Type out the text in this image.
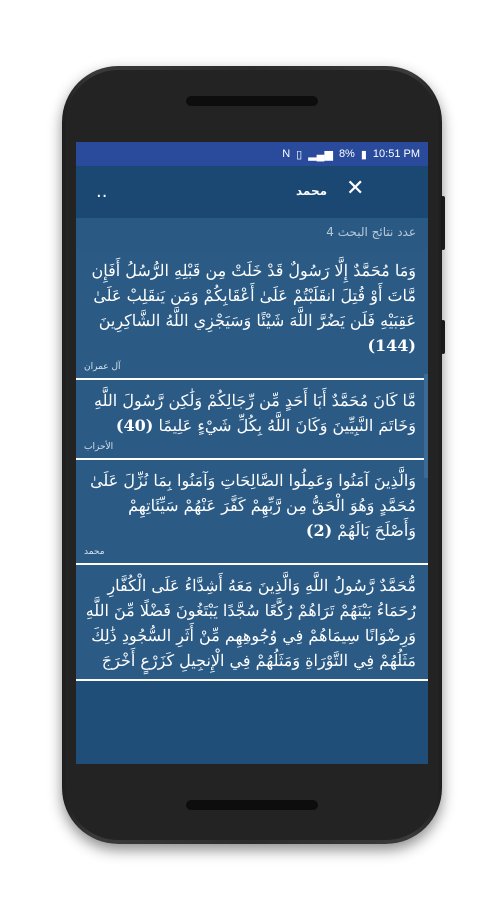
N ▯ ▂▄▆ 8% ▮ 10:51 PM
..	محمد ✕
عدد نتائج البحث 4
وَمَا مُحَمَّدٌ إِلَّا رَسُولٌ قَدْ خَلَتْ مِن قَبْلِهِ الرُّسُلُ أَفَإِن مَّاتَ أَوْ قُتِلَ انقَلَبْتُمْ عَلَىٰ أَعْقَابِكُمْ وَمَن يَنقَلِبْ عَلَىٰ عَقِبَيْهِ فَلَن يَضُرَّ اللَّهَ شَيْئًا وَسَيَجْزِي اللَّهُ الشَّاكِرِينَ (144)
آل عمران
مَّا كَانَ مُحَمَّدٌ أَبَا أَحَدٍ مِّن رِّجَالِكُمْ وَلَٰكِن رَّسُولَ اللَّهِ وَخَاتَمَ النَّبِيِّينَ وَكَانَ اللَّهُ بِكُلِّ شَيْءٍ عَلِيمًا (40)
الأحزاب
وَالَّذِينَ آمَنُوا وَعَمِلُوا الصَّالِحَاتِ وَآمَنُوا بِمَا نُزِّلَ عَلَىٰ مُحَمَّدٍ وَهُوَ الْحَقُّ مِن رَّبِّهِمْ كَفَّرَ عَنْهُمْ سَيِّئَاتِهِمْ وَأَصْلَحَ بَالَهُمْ (2)
محمد
مُّحَمَّدٌ رَّسُولُ اللَّهِ وَالَّذِينَ مَعَهُ أَشِدَّاءُ عَلَى الْكُفَّارِ رُحَمَاءُ بَيْنَهُمْ تَرَاهُمْ رُكَّعًا سُجَّدًا يَبْتَغُونَ فَضْلًا مِّنَ اللَّهِ وَرِضْوَانًا سِيمَاهُمْ فِي وُجُوهِهِم مِّنْ أَثَرِ السُّجُودِ ذَٰلِكَ مَثَلُهُمْ فِي التَّوْرَاةِ وَمَثَلُهُمْ فِي الْإِنجِيلِ كَزَرْعٍ أَخْرَجَ
